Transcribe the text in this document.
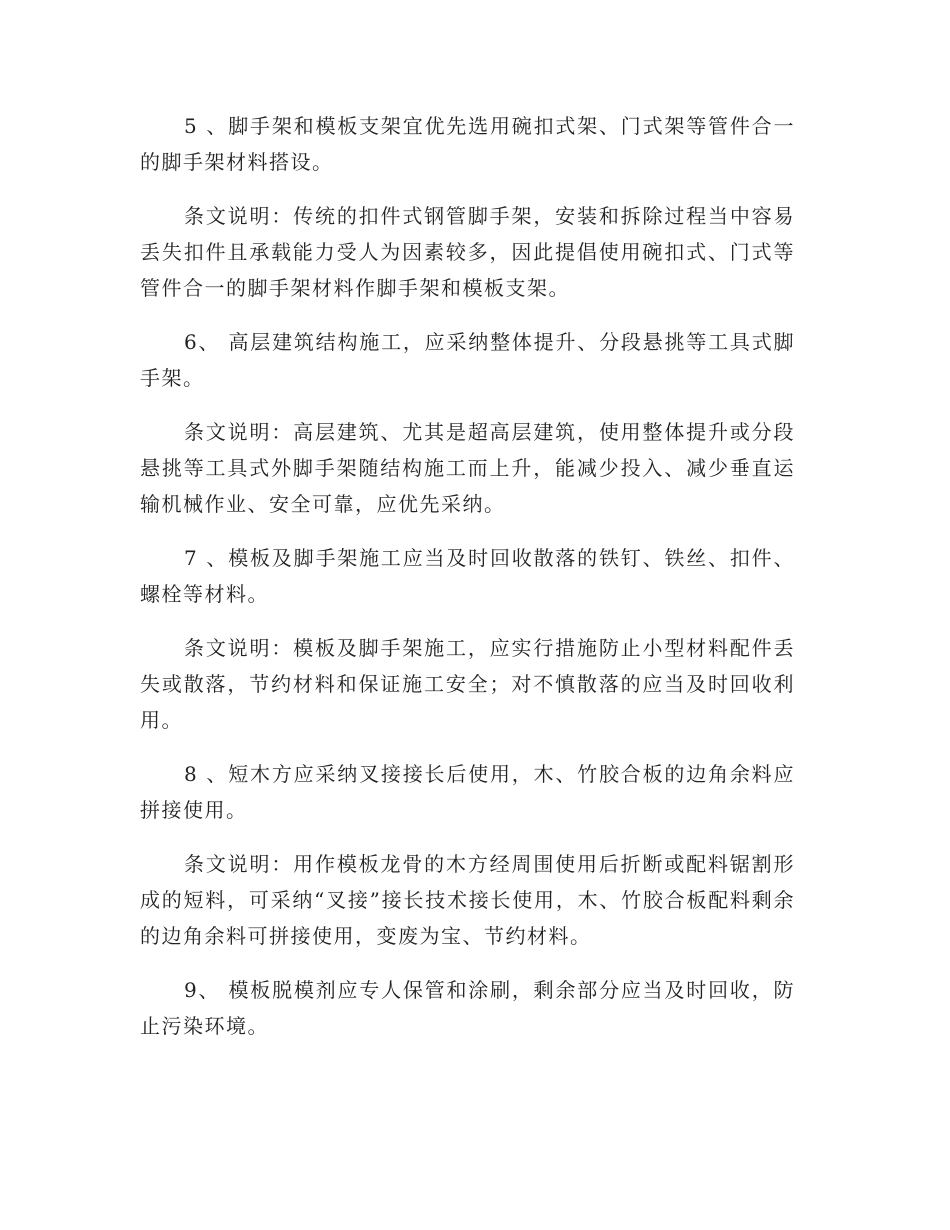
5 、脚手架和模板支架宜优先选用碗扣式架、门式架等管件合一的脚手架材料搭设。

条文说明：传统的扣件式钢管脚手架，安装和拆除过程当中容易丢失扣件且承载能力受人为因素较多，因此提倡使用碗扣式、门式等管件合一的脚手架材料作脚手架和模板支架。

6、 高层建筑结构施工，应采纳整体提升、分段悬挑等工具式脚手架。

条文说明：高层建筑、尤其是超高层建筑，使用整体提升或分段悬挑等工具式外脚手架随结构施工而上升，能减少投入、减少垂直运输机械作业、安全可靠，应优先采纳。

7 、模板及脚手架施工应当及时回收散落的铁钉、铁丝、扣件、螺栓等材料。

条文说明：模板及脚手架施工，应实行措施防止小型材料配件丢失或散落，节约材料和保证施工安全；对不慎散落的应当及时回收利用。

8 、短木方应采纳叉接接长后使用，木、竹胶合板的边角余料应拼接使用。

条文说明：用作模板龙骨的木方经周围使用后折断或配料锯割形成的短料，可采纳“叉接”接长技术接长使用，木、竹胶合板配料剩余的边角余料可拼接使用，变废为宝、节约材料。

9、 模板脱模剂应专人保管和涂刷，剩余部分应当及时回收，防止污染环境。
